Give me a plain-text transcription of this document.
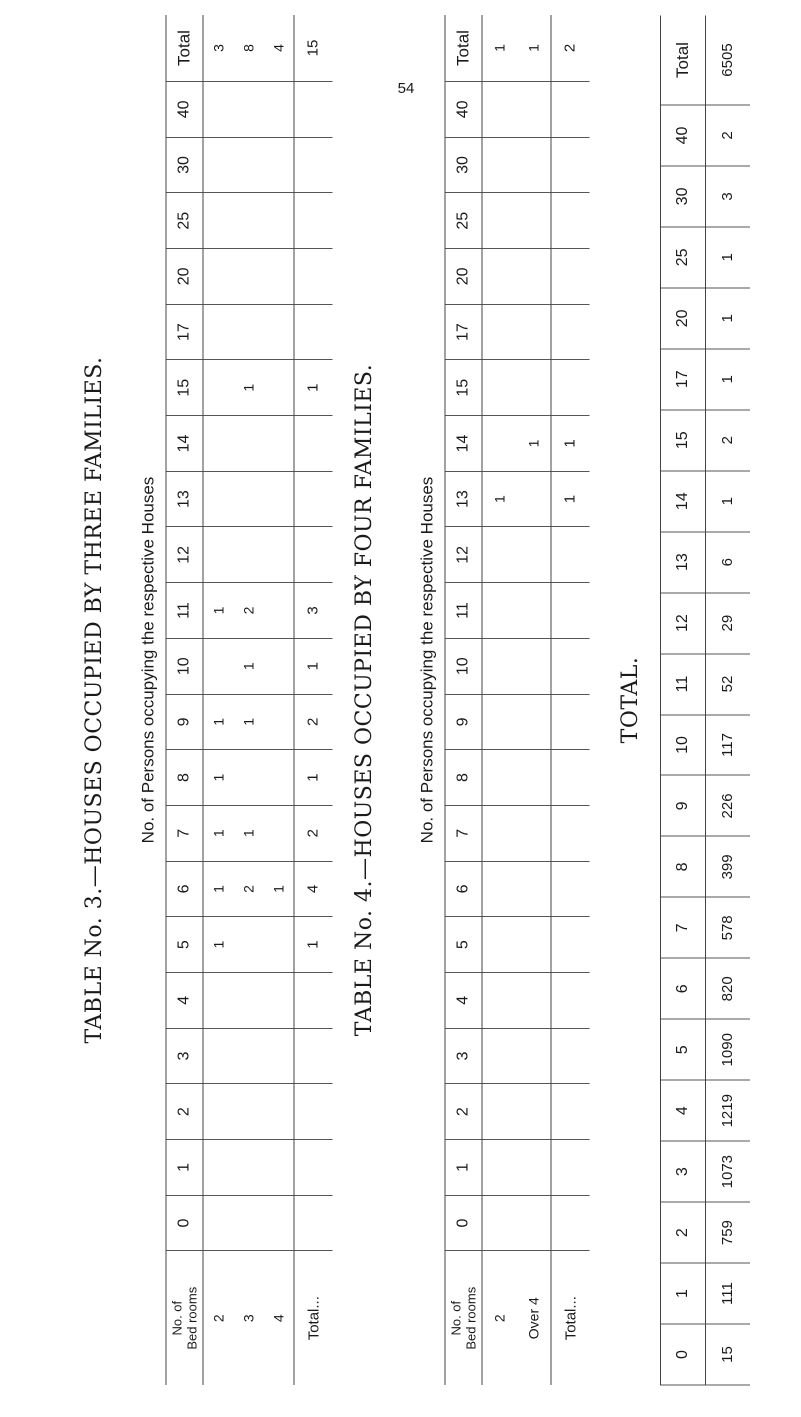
54
TABLE No. 3.—HOUSES OCCUPIED BY THREE FAMILIES.	No. of Persons occupying the respective Houses
No. of
Bed rooms
0
1
2
3
4
5
6
7
8
9
10
11
12
13
14
15
17
20
25
30
40
Total
2
1
1
1
1
1
1
3
3
2
1
1
1
2
1
8
4
1
4
Total...
1
4
2
1
2
1
3
1
15
TABLE No. 4.—HOUSES OCCUPIED BY FOUR FAMILIES.	No. of Persons occupying the respective Houses
No. of
Bed rooms
0
1
2
3
4
5
6
7
8
9
10
11
12
13
14
15
17
20
25
30
40
Total
2
1
1
Over 4
1
1
Total...
1
1
2
TOTAL.
0
1
2
3
4
5
6
7
8
9
10
11
12
13
14
15
17
20
25
30
40
Total
15
111
759
1073
1219
1090
820
578
399
226
117
52
29
6
1
2
1
1
1
3
2
6505
